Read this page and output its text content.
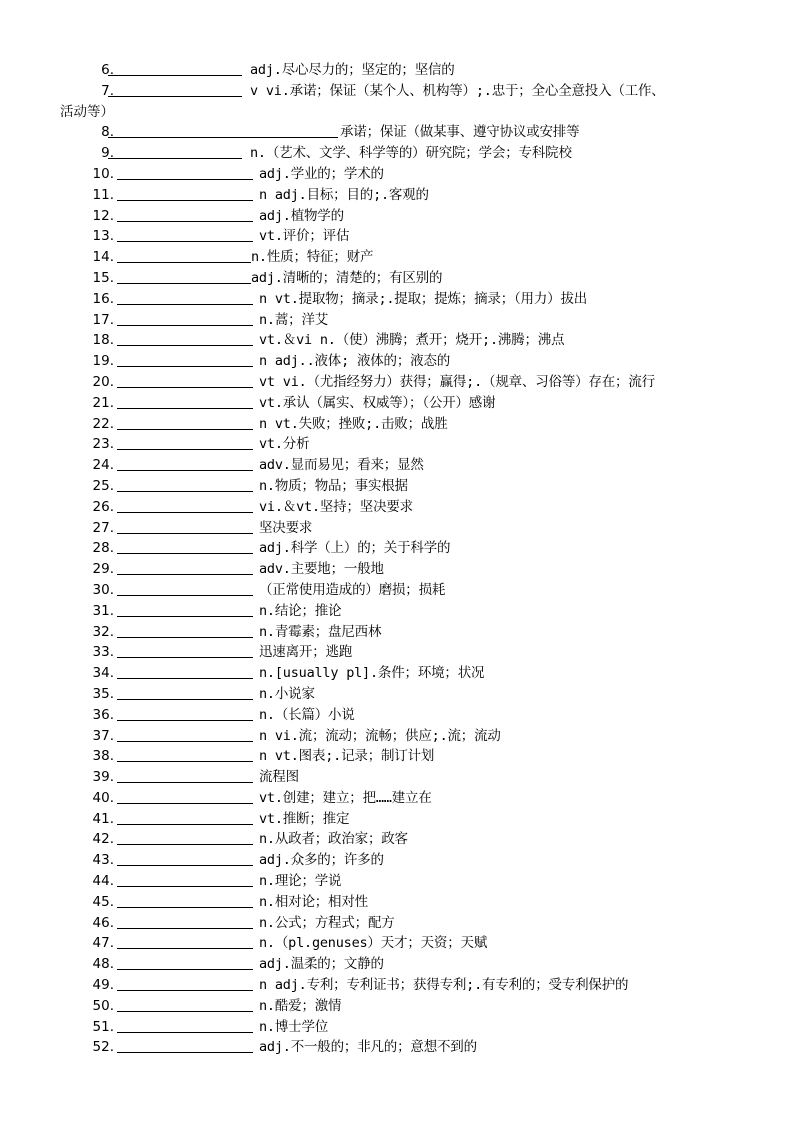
6.	adj.尽心尽力的；坚定的；坚信的
7.	v vi.承诺；保证（某个人、机构等）;.忠于；全心全意投入（工作、
活动等）
8.	承诺；保证（做某事、遵守协议或安排等
9.	n.（艺术、文学、科学等的）研究院；学会；专科院校
10.	adj.学业的；学术的
11.	n adj.目标；目的;.客观的
12.	adj.植物学的
13.	vt.评价；评估
14.	n.性质；特征；财产
15.	adj.清晰的；清楚的；有区别的
16.	n vt.提取物；摘录;.提取；提炼；摘录；（用力）拔出
17.	n.蒿；洋艾
18.	vt.＆vi n.（使）沸腾；煮开；烧开;.沸腾；沸点
19.	n adj..液体; 液体的；液态的
20.	vt vi.（尤指经努力）获得；赢得;.（规章、习俗等）存在；流行
21.	vt.承认（属实、权威等）；（公开）感谢
22.	n vt.失败；挫败;.击败；战胜
23.	vt.分析
24.	adv.显而易见；看来；显然
25.	n.物质；物品；事实根据
26.	vi.＆vt.坚持；坚决要求
27.	坚决要求
28.	adj.科学（上）的；关于科学的
29.	adv.主要地；一般地
30.	（正常使用造成的）磨损；损耗
31.	n.结论；推论
32.	n.青霉素；盘尼西林
33.	迅速离开；逃跑
34.	n.[usually pl].条件；环境；状况
35.	n.小说家
36.	n.（长篇）小说
37.	n vi.流；流动；流畅；供应;.流；流动
38.	n vt.图表;.记录；制订计划
39.	流程图
40.	vt.创建；建立；把……建立在
41.	vt.推断；推定
42.	n.从政者；政治家；政客
43.	adj.众多的；许多的
44.	n.理论；学说
45.	n.相对论；相对性
46.	n.公式；方程式；配方
47.	n.（pl.genuses）天才；天资；天赋
48.	adj.温柔的；文静的
49.	n adj.专利；专利证书；获得专利;.有专利的；受专利保护的
50.	n.酷爱；激情
51.	n.博士学位
52.	adj.不一般的；非凡的；意想不到的
